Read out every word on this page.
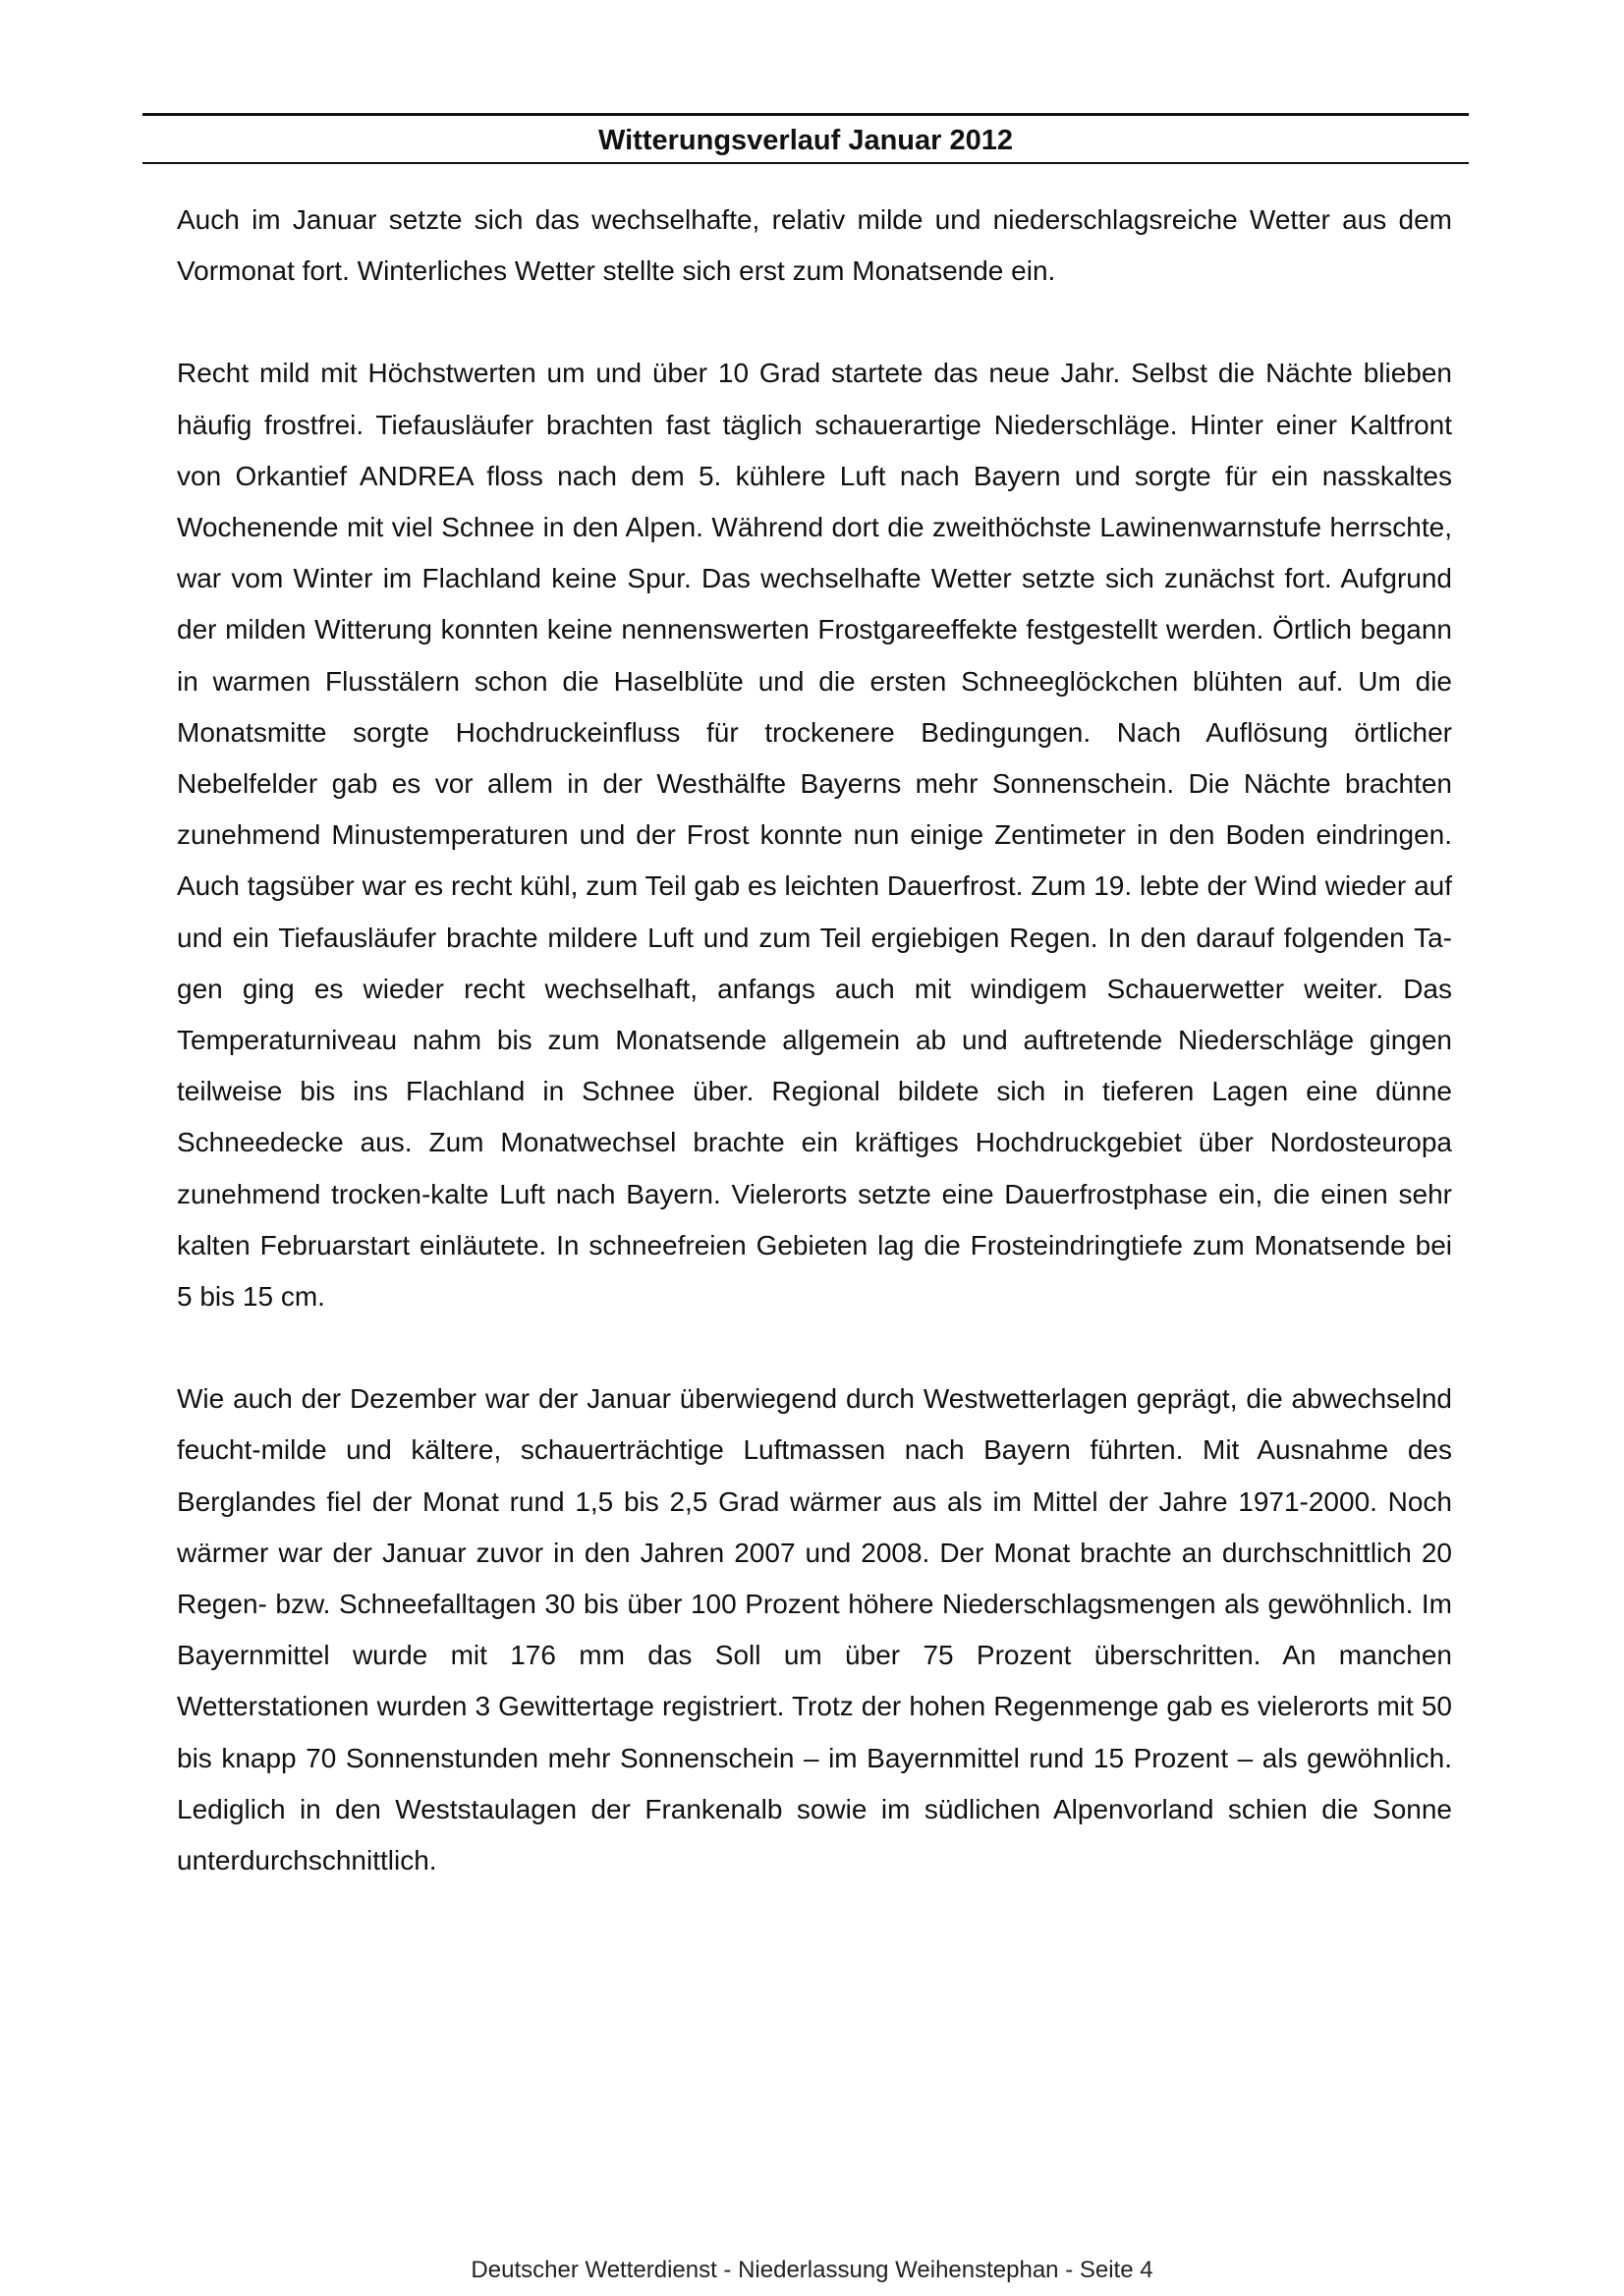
Witterungsverlauf Januar 2012

Auch im Januar setzte sich das wechselhafte, relativ milde und niederschlagsreiche Wetter aus dem Vormonat fort. Winterliches Wetter stellte sich erst zum Monatsende ein.

Recht mild mit Höchstwerten um und über 10 Grad startete das neue Jahr. Selbst die Nächte blieben häufig frostfrei. Tiefausläufer brachten fast täglich schauerartige Niederschläge. Hinter einer Kaltfront von Orkantief ANDREA floss nach dem 5. kühlere Luft nach Bayern und sorgte für ein nasskaltes Wochenende mit viel Schnee in den Alpen. Während dort die zweithöchste Lawinenwarnstufe herrschte, war vom Winter im Flachland keine Spur. Das wechselhafte Wetter setzte sich zunächst fort. Aufgrund der milden Witterung konnten keine nennenswerten Frostgareeffekte festgestellt werden. Örtlich begann in warmen Flusstälern schon die Haselblüte und die ersten Schneeglöckchen blühten auf. Um die Monatsmitte sorgte Hochdruckeinfluss für trockenere Bedingungen. Nach Auflösung örtlicher Nebelfelder gab es vor allem in der Westhälfte Bayerns mehr Sonnenschein. Die Nächte brachten zunehmend Minustemperaturen und der Frost konnte nun einige Zentimeter in den Boden eindringen. Auch tagsüber war es recht kühl, zum Teil gab es leichten Dauerfrost. Zum 19. lebte der Wind wieder auf und ein Tiefausläufer brachte mildere Luft und zum Teil ergiebigen Regen. In den darauf folgenden Tagen ging es wieder recht wechselhaft, anfangs auch mit windigem Schauerwetter weiter. Das Temperaturniveau nahm bis zum Monatsende allgemein ab und auftretende Niederschläge gingen teilweise bis ins Flachland in Schnee über. Regional bildete sich in tieferen Lagen eine dünne Schneedecke aus. Zum Monatwechsel brachte ein kräftiges Hochdruckgebiet über Nordosteuropa zunehmend trocken-kalte Luft nach Bayern. Vielerorts setzte eine Dauerfrostphase ein, die einen sehr kalten Februarstart einläutete. In schneefreien Gebieten lag die Frosteindringtiefe zum Monatsende bei 5 bis 15 cm.

Wie auch der Dezember war der Januar überwiegend durch Westwetterlagen geprägt, die abwechselnd feucht-milde und kältere, schauerträchtige Luftmassen nach Bayern führten. Mit Ausnahme des Berglandes fiel der Monat rund 1,5 bis 2,5 Grad wärmer aus als im Mittel der Jahre 1971-2000. Noch wärmer war der Januar zuvor in den Jahren 2007 und 2008. Der Monat brachte an durchschnittlich 20 Regen- bzw. Schneefalltagen 30 bis über 100 Prozent höhere Niederschlagsmengen als gewöhnlich. Im Bayernmittel wurde mit 176 mm das Soll um über 75 Prozent überschritten. An manchen Wetterstationen wurden 3 Gewittertage registriert. Trotz der hohen Regenmenge gab es vielerorts mit 50 bis knapp 70 Sonnenstunden mehr Sonnenschein – im Bayernmittel rund 15 Prozent – als gewöhnlich. Lediglich in den Weststaulagen der Frankenalb sowie im südlichen Alpenvorland schien die Sonne unterdurchschnittlich.

Deutscher Wetterdienst - Niederlassung Weihenstephan - Seite 4
